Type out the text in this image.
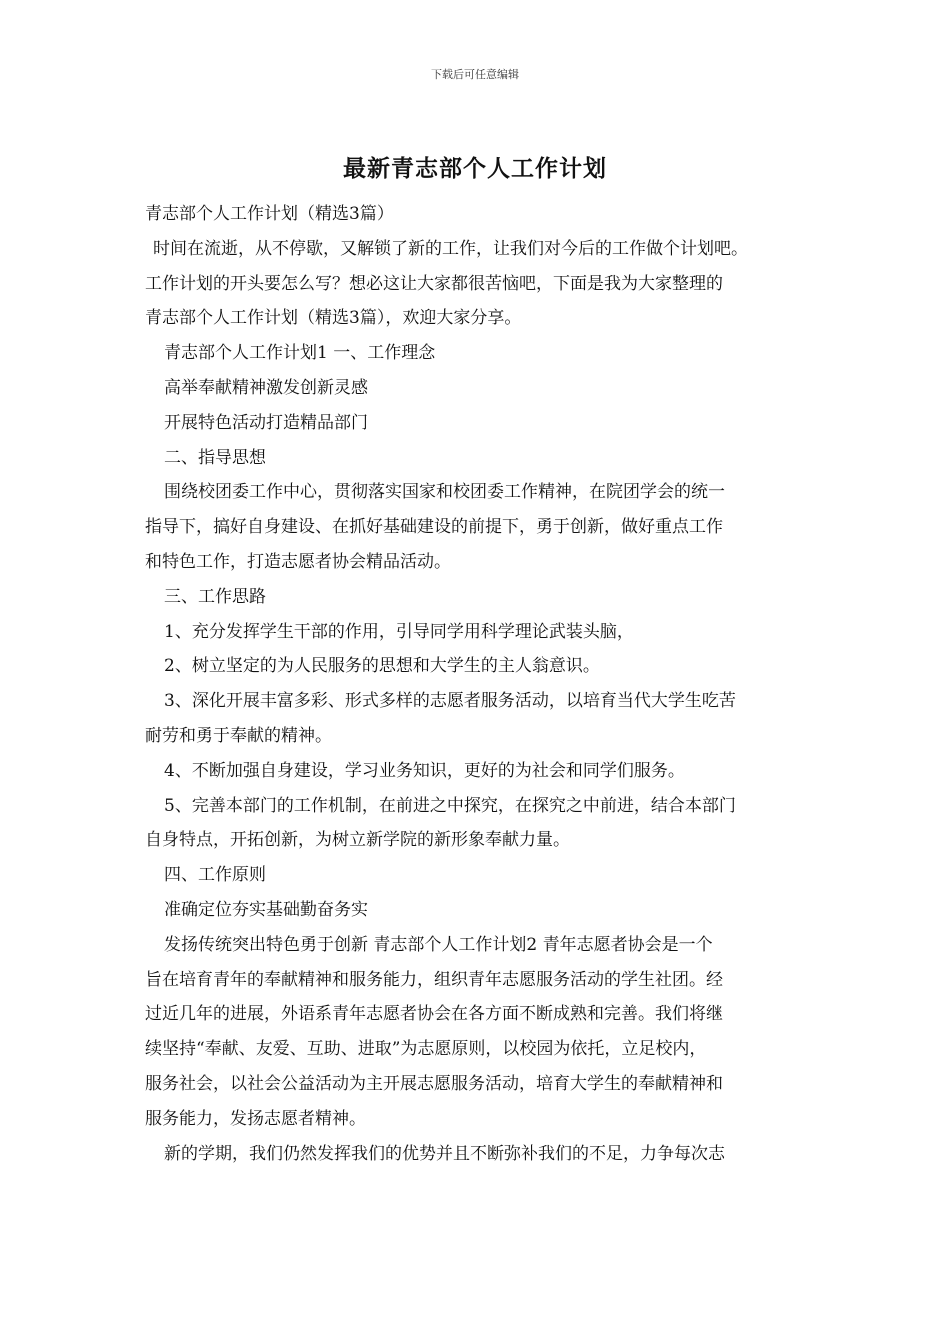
下载后可任意编辑
最新青志部个人工作计划
青志部个人工作计划（精选3篇）
时间在流逝，从不停歇，又解锁了新的工作，让我们对今后的工作做个计划吧。
工作计划的开头要怎么写？想必这让大家都很苦恼吧，下面是我为大家整理的
青志部个人工作计划（精选3篇），欢迎大家分享。
青志部个人工作计划1 一、工作理念
高举奉献精神激发创新灵感
开展特色活动打造精品部门
二、指导思想
围绕校团委工作中心，贯彻落实国家和校团委工作精神，在院团学会的统一
指导下，搞好自身建设、在抓好基础建设的前提下，勇于创新，做好重点工作
和特色工作，打造志愿者协会精品活动。
三、工作思路
1、充分发挥学生干部的作用，引导同学用科学理论武装头脑，
2、树立坚定的为人民服务的思想和大学生的主人翁意识。
3、深化开展丰富多彩、形式多样的志愿者服务活动，以培育当代大学生吃苦
耐劳和勇于奉献的精神。
4、不断加强自身建设，学习业务知识，更好的为社会和同学们服务。
5、完善本部门的工作机制，在前进之中探究，在探究之中前进，结合本部门
自身特点，开拓创新，为树立新学院的新形象奉献力量。
四、工作原则
准确定位夯实基础勤奋务实
发扬传统突出特色勇于创新 青志部个人工作计划2 青年志愿者协会是一个
旨在培育青年的奉献精神和服务能力，组织青年志愿服务活动的学生社团。经
过近几年的进展，外语系青年志愿者协会在各方面不断成熟和完善。我们将继
续坚持“奉献、友爱、互助、进取”为志愿原则，以校园为依托，立足校内，
服务社会，以社会公益活动为主开展志愿服务活动，培育大学生的奉献精神和
服务能力，发扬志愿者精神。
新的学期，我们仍然发挥我们的优势并且不断弥补我们的不足，力争每次志
